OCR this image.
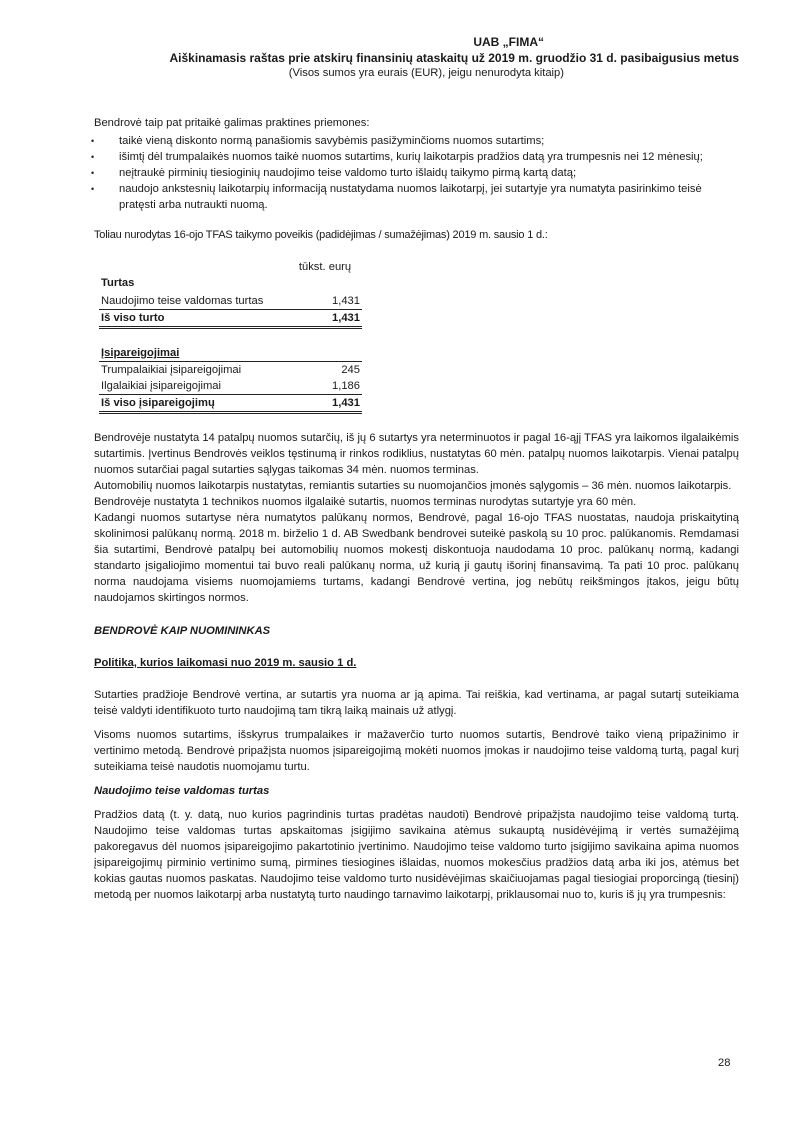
UAB „FIMA“
Aiškinamasis raštas prie atskirų finansinių ataskaitų už 2019 m. gruodžio 31 d. pasibaigusius metus
(Visos sumos yra eurais (EUR), jeigu nenurodyta kitaip)

Bendrovė taip pat pritaikė galimas praktines priemones:

• taikė vieną diskonto normą panašiomis savybėmis pasižyminčioms nuomos sutartims;
• išimtį dėl trumpalaikės nuomos taikė nuomos sutartims, kurių laikotarpis pradžios datą yra trumpesnis nei 12 mėnesių;
• neįtraukė pirminių tiesioginių naudojimo teise valdomo turto išlaidų taikymo pirmą kartą datą;
• naudojo ankstesnių laikotarpių informaciją nustatydama nuomos laikotarpį, jei sutartyje yra numatyta pasirinkimo teisė pratęsti arba nutraukti nuomą.

Toliau nurodytas 16-ojo TFAS taikymo poveikis (padidėjimas / sumažėjimas) 2019 m. sausio 1 d.:

	tūkst. eurų
Turtas	
Naudojimo teise valdomas turtas	1,431
Iš viso turto	1,431
Įsipareigojimai	
Trumpalaikiai įsipareigojimai	245
Ilgalaikiai įsipareigojimai	1,186
Iš viso įsipareigojimų	1,431

Bendrovėje nustatyta 14 patalpų nuomos sutarčių, iš jų 6 sutartys yra neterminuotos ir pagal 16-ąjį TFAS yra laikomos ilgalaikėmis sutartimis. Įvertinus Bendrovės veiklos tęstinumą ir rinkos rodiklius, nustatytas 60 mėn. patalpų nuomos laikotarpis. Vienai patalpų nuomos sutarčiai pagal sutarties sąlygas taikomas 34 mėn. nuomos terminas.

Automobilių nuomos laikotarpis nustatytas, remiantis sutarties su nuomojančios įmonės sąlygomis – 36 mėn. nuomos laikotarpis.

Bendrovėje nustatyta 1 technikos nuomos ilgalaikė sutartis, nuomos terminas nurodytas sutartyje yra 60 mėn.

Kadangi nuomos sutartyse nėra numatytos palūkanų normos, Bendrovė, pagal 16-ojo TFAS nuostatas, naudoja priskaitytiną skolinimosi palūkanų normą. 2018 m. birželio 1 d. AB Swedbank bendrovei suteikė paskolą su 10 proc. palūkanomis. Remdamasi šia sutartimi, Bendrovė patalpų bei automobilių nuomos mokestį diskontuoja naudodama 10 proc. palūkanų normą, kadangi standarto įsigaliojimo momentui tai buvo reali palūkanų norma, už kurią ji gautų išorinį finansavimą. Ta pati 10 proc. palūkanų norma naudojama visiems nuomojamiems turtams, kadangi Bendrovė vertina, jog nebūtų reikšmingos įtakos, jeigu būtų naudojamos skirtingos normos.

BENDROVĖ KAIP NUOMININKAS

Politika, kurios laikomasi nuo 2019 m. sausio 1 d.

Sutarties pradžioje Bendrovė vertina, ar sutartis yra nuoma ar ją apima. Tai reiškia, kad vertinama, ar pagal sutartį suteikiama teisė valdyti identifikuoto turto naudojimą tam tikrą laiką mainais už atlygį.

Visoms nuomos sutartims, išskyrus trumpalaikes ir mažaverčio turto nuomos sutartis, Bendrovė taiko vieną pripažinimo ir vertinimo metodą. Bendrovė pripažįsta nuomos įsipareigojimą mokėti nuomos įmokas ir naudojimo teise valdomą turtą, pagal kurį suteikiama teisė naudotis nuomojamu turtu.

Naudojimo teise valdomas turtas

Pradžios datą (t. y. datą, nuo kurios pagrindinis turtas pradėtas naudoti) Bendrovė pripažįsta naudojimo teise valdomą turtą. Naudojimo teise valdomas turtas apskaitomas įsigijimo savikaina atėmus sukauptą nusidėvėjimą ir vertės sumažėjimą pakoregavus dėl nuomos įsipareigojimo pakartotinio įvertinimo. Naudojimo teise valdomo turto įsigijimo savikaina apima nuomos įsipareigojimų pirminio vertinimo sumą, pirmines tiesiogines išlaidas, nuomos mokesčius pradžios datą arba iki jos, atėmus bet kokias gautas nuomos paskatas. Naudojimo teise valdomo turto nusidėvėjimas skaičiuojamas pagal tiesiogiai proporcingą (tiesinį) metodą per nuomos laikotarpį arba nustatytą turto naudingo tarnavimo laikotarpį, priklausomai nuo to, kuris iš jų yra trumpesnis:

28
